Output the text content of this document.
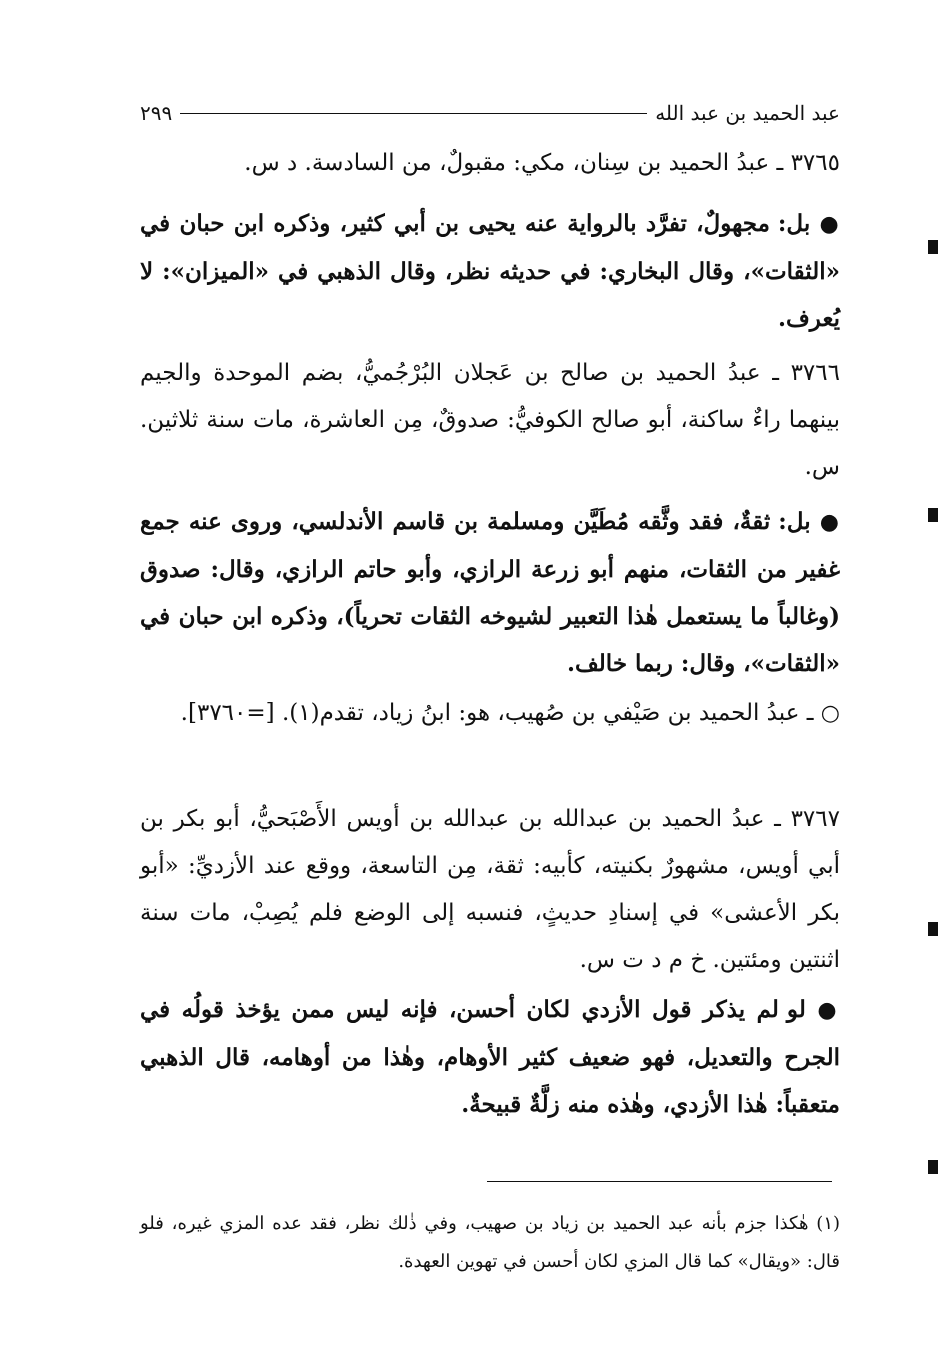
عبد الحميد بن عبد الله
٢٩٩
٣٧٦٥ ـ عبدُ الحميد بن سِنان، مكي: مقبولٌ، من السادسة. د س.
● بل: مجهولٌ، تفرَّد بالرواية عنه يحيى بن أبي كثير، وذكره ابن حبان في «الثقات»، وقال البخاري: في حديثه نظر، وقال الذهبي في «الميزان»: لا يُعرف.
٣٧٦٦ ـ عبدُ الحميد بن صالح بن عَجلان البُرْجُميُّ، بضم الموحدة والجيم بينهما راءٌ ساكنة، أبو صالح الكوفيُّ: صدوقٌ، مِن العاشرة، مات سنة ثلاثين. س.
● بل: ثقةٌ، فقد وثَّقه مُطَيَّن ومسلمة بن قاسم الأندلسي، وروى عنه جمع غفير من الثقات، منهم أبو زرعة الرازي، وأبو حاتم الرازي، وقال: صدوق (وغالباً ما يستعمل هٰذا التعبير لشيوخه الثقات تحرياً)، وذكره ابن حبان في «الثقات»، وقال: ربما خالف.
○ ـ عبدُ الحميد بن صَيْفي بن صُهيب، هو: ابنُ زياد، تقدم(١). [=٣٧٦٠].
٣٧٦٧ ـ عبدُ الحميد بن عبدالله بن عبدالله بن أويس الأَصْبَحيُّ، أبو بكر بن أبي أويس، مشهورٌ بكنيته، كأبيه: ثقة، مِن التاسعة، ووقع عند الأزديِّ: «أبو بكر الأعشى» في إسنادِ حديثٍ، فنسبه إلى الوضع فلم يُصِبْ، مات سنة اثنتين ومئتين. خ م د ت س.
● لو لم يذكر قول الأزدي لكان أحسن، فإنه ليس ممن يؤخذ قولُه في الجرح والتعديل، فهو ضعيف كثير الأوهام، وهٰذا من أوهامه، قال الذهبي متعقباً: هٰذا الأزدي، وهٰذه منه زلَّةٌ قبيحةٌ.
(١) هٰكذا جزم بأنه عبد الحميد بن زياد بن صهيب، وفي ذٰلك نظر، فقد عده المزي غيره، فلو قال: «ويقال» كما قال المزي لكان أحسن في تهوين العهدة.
